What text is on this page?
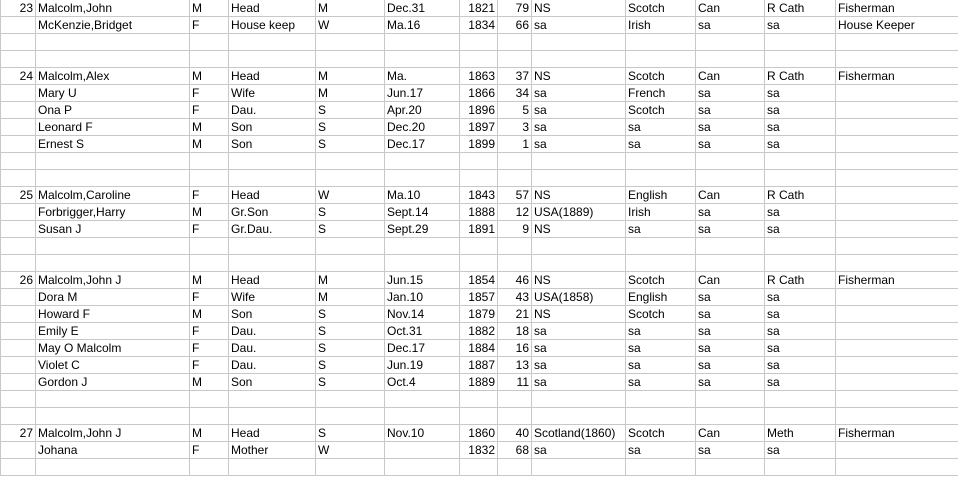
23	Malcolm,John	M	Head	M	Dec.31	1821	79	NS	Scotch	Can	R Cath	Fisherman
	McKenzie,Bridget	F	House keep	W	Ma.16	1834	66	sa	Irish	sa	sa	House Keeper

24	Malcolm,Alex	M	Head	M	Ma.	1863	37	NS	Scotch	Can	R Cath	Fisherman
	Mary U	F	Wife	M	Jun.17	1866	34	sa	French	sa	sa	
	Ona P	F	Dau.	S	Apr.20	1896	5	sa	Scotch	sa	sa	
	Leonard F	M	Son	S	Dec.20	1897	3	sa	sa	sa	sa	
	Ernest S	M	Son	S	Dec.17	1899	1	sa	sa	sa	sa	

25	Malcolm,Caroline	F	Head	W	Ma.10	1843	57	NS	English	Can	R Cath	
	Forbrigger,Harry	M	Gr.Son	S	Sept.14	1888	12	USA(1889)	Irish	sa	sa	
	Susan J	F	Gr.Dau.	S	Sept.29	1891	9	NS	sa	sa	sa	

26	Malcolm,John J	M	Head	M	Jun.15	1854	46	NS	Scotch	Can	R Cath	Fisherman
	Dora M	F	Wife	M	Jan.10	1857	43	USA(1858)	English	sa	sa	
	Howard F	M	Son	S	Nov.14	1879	21	NS	Scotch	sa	sa	
	Emily E	F	Dau.	S	Oct.31	1882	18	sa	sa	sa	sa	
	May O Malcolm	F	Dau.	S	Dec.17	1884	16	sa	sa	sa	sa	
	Violet C	F	Dau.	S	Jun.19	1887	13	sa	sa	sa	sa	
	Gordon J	M	Son	S	Oct.4	1889	11	sa	sa	sa	sa	

27	Malcolm,John J	M	Head	S	Nov.10	1860	40	Scotland(1860)	Scotch	Can	Meth	Fisherman
	Johana	F	Mother	W		1832	68	sa	sa	sa	sa	
